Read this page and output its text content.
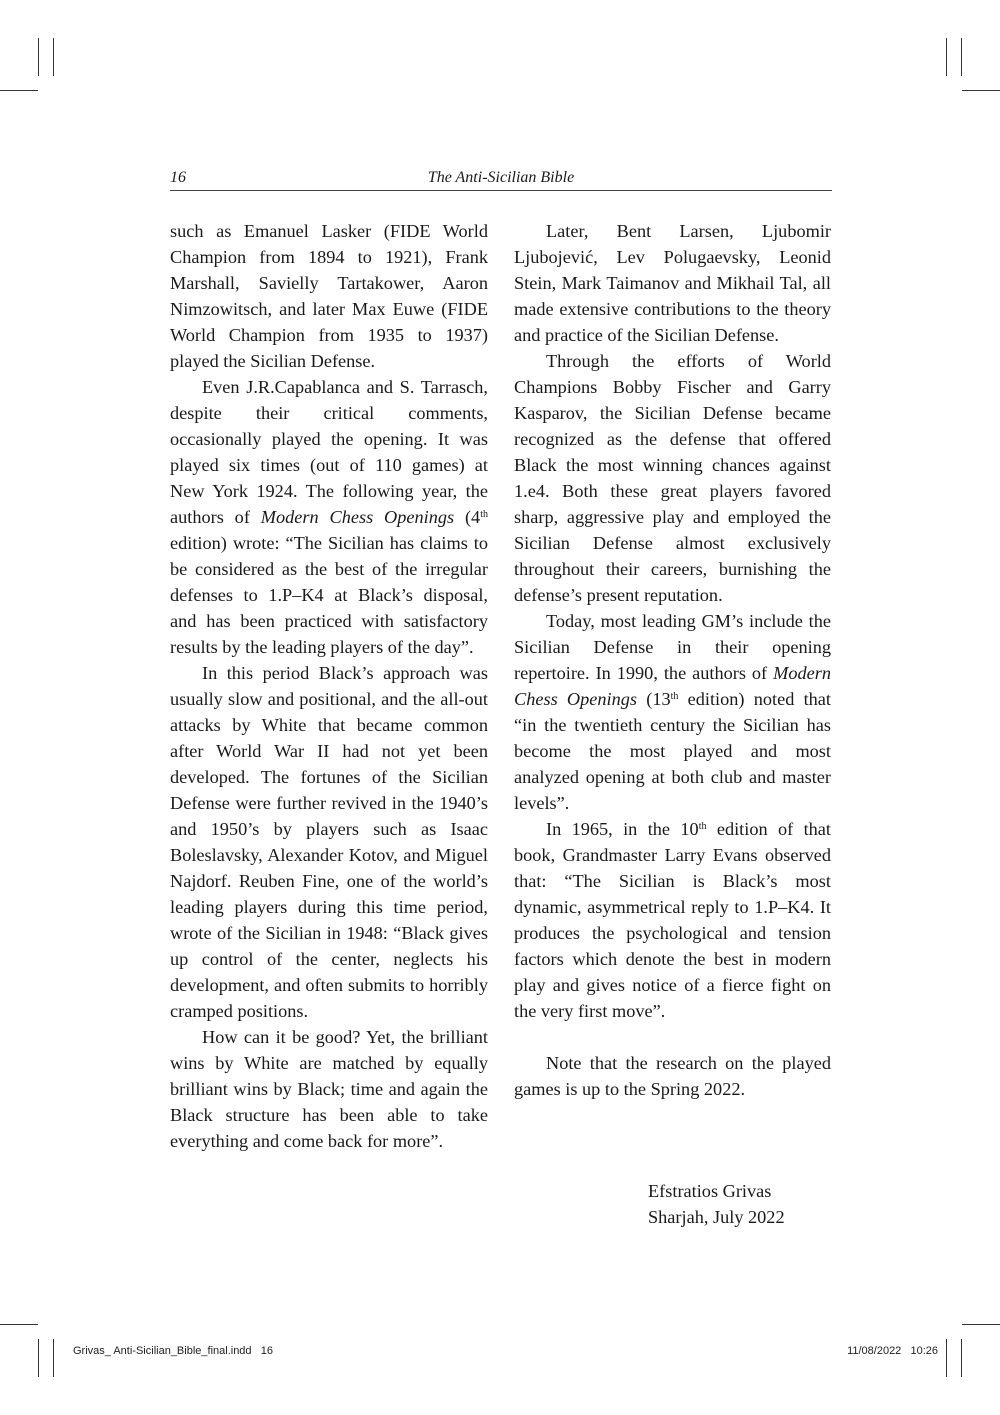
16	The Anti-Sicilian Bible

such as Emanuel Lasker (FIDE World Champion from 1894 to 1921), Frank Marshall, Savielly Tartakower, Aaron Nimzowitsch, and later Max Euwe (FIDE World Champion from 1935 to 1937) played the Sicilian Defense.

Even J.R.Capablanca and S. Tarrasch, despite their critical comments, occasionally played the opening. It was played six times (out of 110 games) at New York 1924. The following year, the authors of Modern Chess Openings (4th edition) wrote: “The Sicilian has claims to be considered as the best of the irregular defenses to 1.P–K4 at Black’s disposal, and has been practiced with satisfactory results by the leading players of the day”.

In this period Black’s approach was usually slow and positional, and the all-out attacks by White that became common after World War II had not yet been developed. The fortunes of the Sicilian Defense were further revived in the 1940’s and 1950’s by players such as Isaac Boleslavsky, Alexander Kotov, and Miguel Najdorf. Reuben Fine, one of the world’s leading players during this time period, wrote of the Sicilian in 1948: “Black gives up control of the center, neglects his development, and often submits to horribly cramped positions.

How can it be good? Yet, the brilliant wins by White are matched by equally brilliant wins by Black; time and again the Black structure has been able to take everything and come back for more”.

Later, Bent Larsen, Ljubomir Ljubojević, Lev Polugaevsky, Leonid Stein, Mark Taimanov and Mikhail Tal, all made extensive contributions to the theory and practice of the Sicilian Defense.

Through the efforts of World Champions Bobby Fischer and Garry Kasparov, the Sicilian Defense became recognized as the defense that offered Black the most winning chances against 1.e4. Both these great players favored sharp, aggressive play and employed the Sicilian Defense almost exclusively throughout their careers, burnishing the defense’s present reputation.

Today, most leading GM’s include the Sicilian Defense in their opening repertoire. In 1990, the authors of Modern Chess Openings (13th edition) noted that “in the twentieth century the Sicilian has become the most played and most analyzed opening at both club and master levels”.

In 1965, in the 10th edition of that book, Grandmaster Larry Evans observed that: “The Sicilian is Black’s most dynamic, asymmetrical reply to 1.P–K4. It produces the psychological and tension factors which denote the best in modern play and gives notice of a fierce fight on the very first move”.

Note that the research on the played games is up to the Spring 2022.

Efstratios Grivas
Sharjah, July 2022
Grivas_ Anti-Sicilian_Bible_final.indd   16	11/08/2022   10:26
